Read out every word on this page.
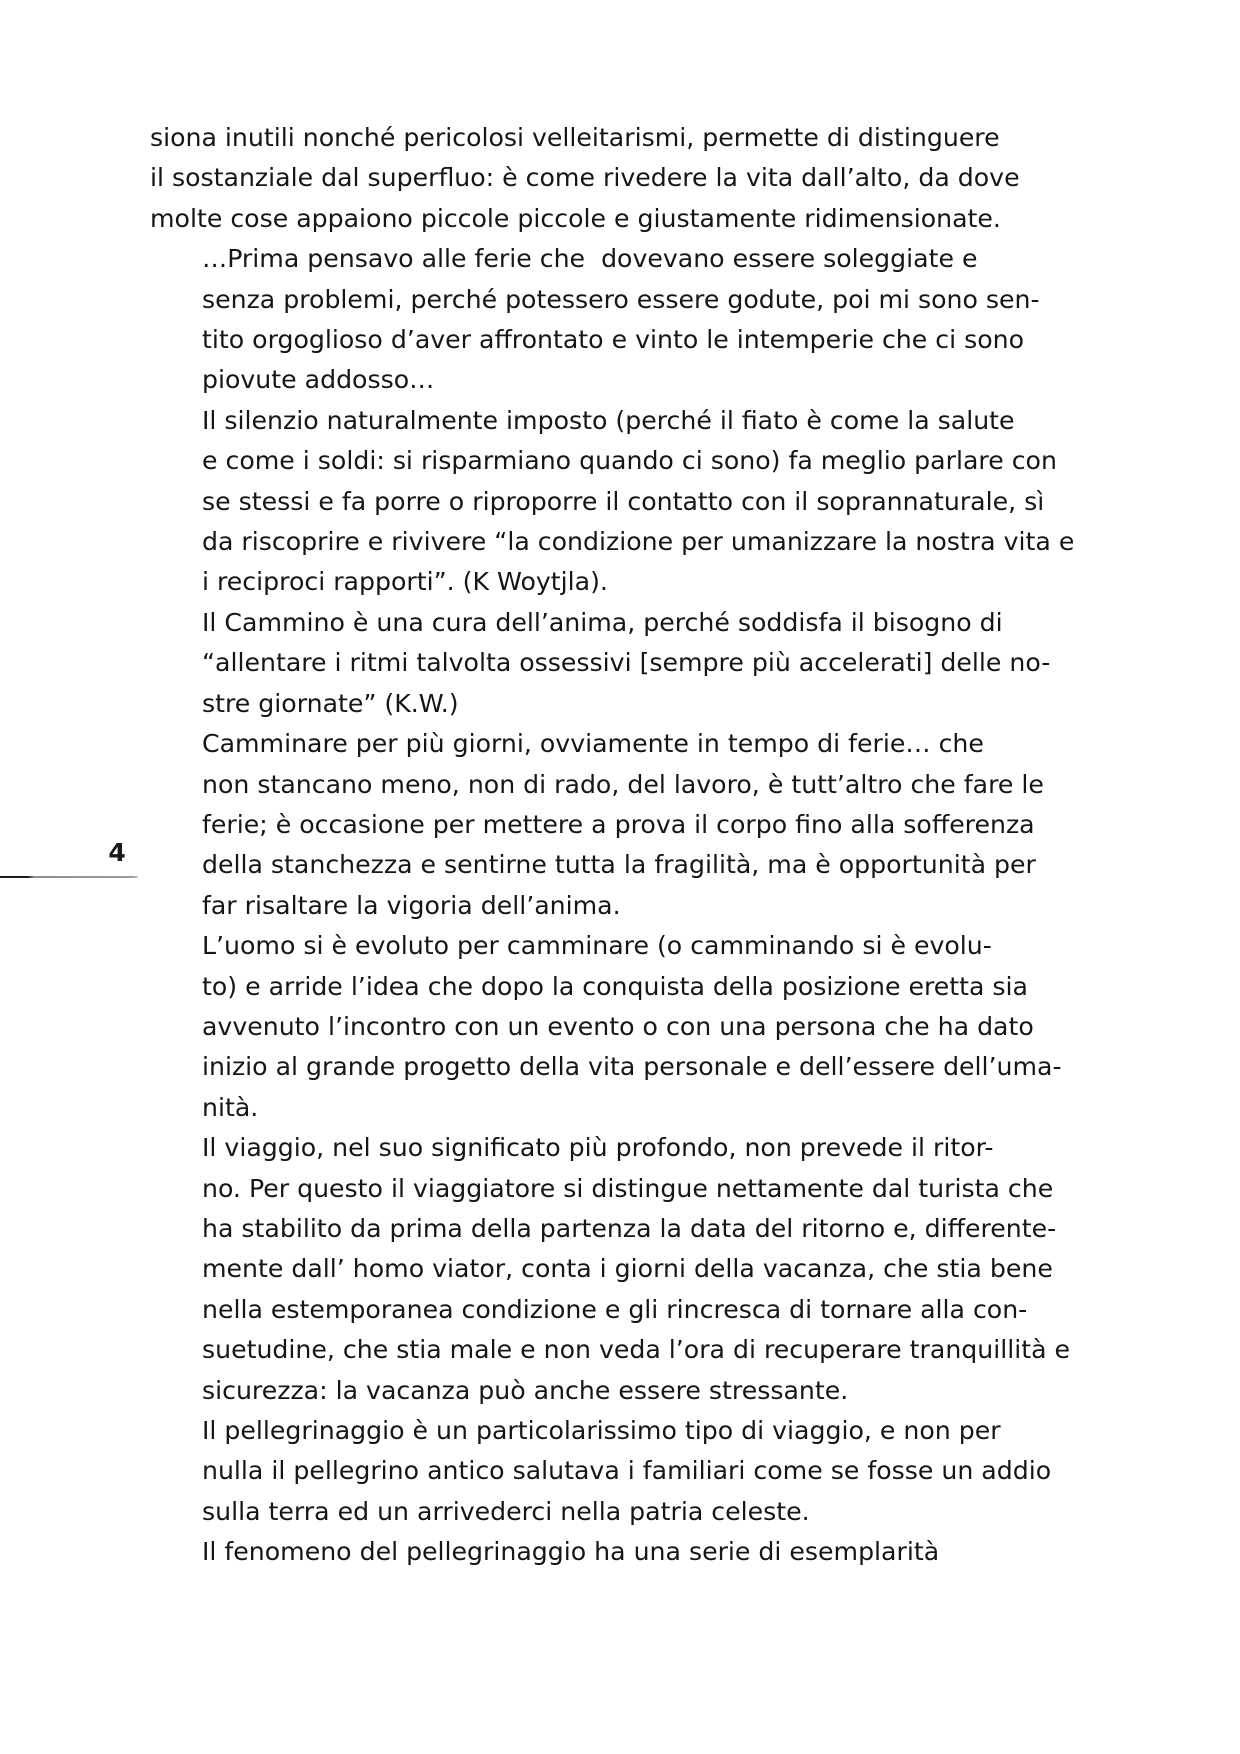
4

siona inutili nonché pericolosi velleitarismi, permette di distinguere
il sostanziale dal superfluo: è come rivedere la vita dall’alto, da dove
molte cose appaiono piccole piccole e giustamente ridimensionate.

…Prima pensavo alle ferie che  dovevano essere soleggiate e
senza problemi, perché potessero essere godute, poi mi sono sen-
tito orgoglioso d’aver affrontato e vinto le intemperie che ci sono
piovute addosso…

Il silenzio naturalmente imposto (perché il fiato è come la salute
e come i soldi: si risparmiano quando ci sono) fa meglio parlare con
se stessi e fa porre o riproporre il contatto con il soprannaturale, sì
da riscoprire e rivivere “la condizione per umanizzare la nostra vita e
i reciproci rapporti”. (K Woytjla).

Il Cammino è una cura dell’anima, perché soddisfa il bisogno di
“allentare i ritmi talvolta ossessivi [sempre più accelerati] delle no-
stre giornate” (K.W.)

Camminare per più giorni, ovviamente in tempo di ferie… che
non stancano meno, non di rado, del lavoro, è tutt’altro che fare le
ferie; è occasione per mettere a prova il corpo fino alla sofferenza
della stanchezza e sentirne tutta la fragilità, ma è opportunità per
far risaltare la vigoria dell’anima.

L’uomo si è evoluto per camminare (o camminando si è evolu-
to) e arride l’idea che dopo la conquista della posizione eretta sia
avvenuto l’incontro con un evento o con una persona che ha dato
inizio al grande progetto della vita personale e dell’essere dell’uma-
nità.

Il viaggio, nel suo significato più profondo, non prevede il ritor-
no. Per questo il viaggiatore si distingue nettamente dal turista che
ha stabilito da prima della partenza la data del ritorno e, differente-
mente dall’ homo viator, conta i giorni della vacanza, che stia bene
nella estemporanea condizione e gli rincresca di tornare alla con-
suetudine, che stia male e non veda l’ora di recuperare tranquillità e
sicurezza: la vacanza può anche essere stressante.

Il pellegrinaggio è un particolarissimo tipo di viaggio, e non per
nulla il pellegrino antico salutava i familiari come se fosse un addio
sulla terra ed un arrivederci nella patria celeste.

Il fenomeno del pellegrinaggio ha una serie di esemplarità
